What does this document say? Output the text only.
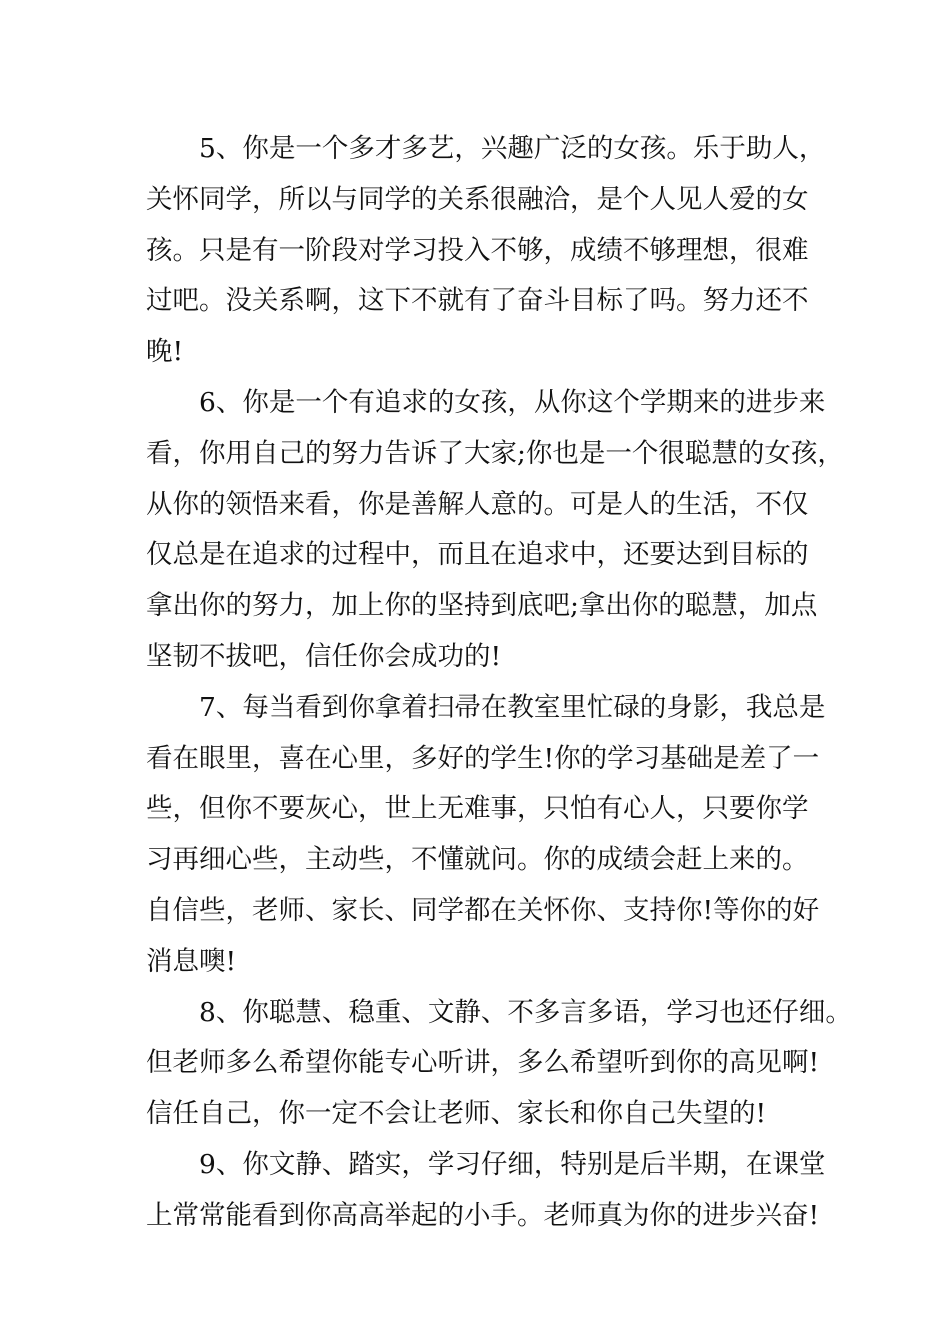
5、你是一个多才多艺，兴趣广泛的女孩。乐于助人，
关怀同学，所以与同学的关系很融洽，是个人见人爱的女
孩。只是有一阶段对学习投入不够，成绩不够理想，很难
过吧。没关系啊，这下不就有了奋斗目标了吗。努力还不
晚!
6、你是一个有追求的女孩，从你这个学期来的进步来
看，你用自己的努力告诉了大家;你也是一个很聪慧的女孩，
从你的领悟来看，你是善解人意的。可是人的生活，不仅
仅总是在追求的过程中，而且在追求中，还要达到目标的
拿出你的努力，加上你的坚持到底吧;拿出你的聪慧，加点
坚韧不拔吧，信任你会成功的!
7、每当看到你拿着扫帚在教室里忙碌的身影，我总是
看在眼里，喜在心里，多好的学生!你的学习基础是差了一
些，但你不要灰心，世上无难事，只怕有心人，只要你学
习再细心些，主动些，不懂就问。你的成绩会赶上来的。
自信些，老师、家长、同学都在关怀你、支持你!等你的好
消息噢!
8、你聪慧、稳重、文静、不多言多语，学习也还仔细。
但老师多么希望你能专心听讲，多么希望听到你的高见啊!
信任自己，你一定不会让老师、家长和你自己失望的!
9、你文静、踏实，学习仔细，特别是后半期，在课堂
上常常能看到你高高举起的小手。老师真为你的进步兴奋!
